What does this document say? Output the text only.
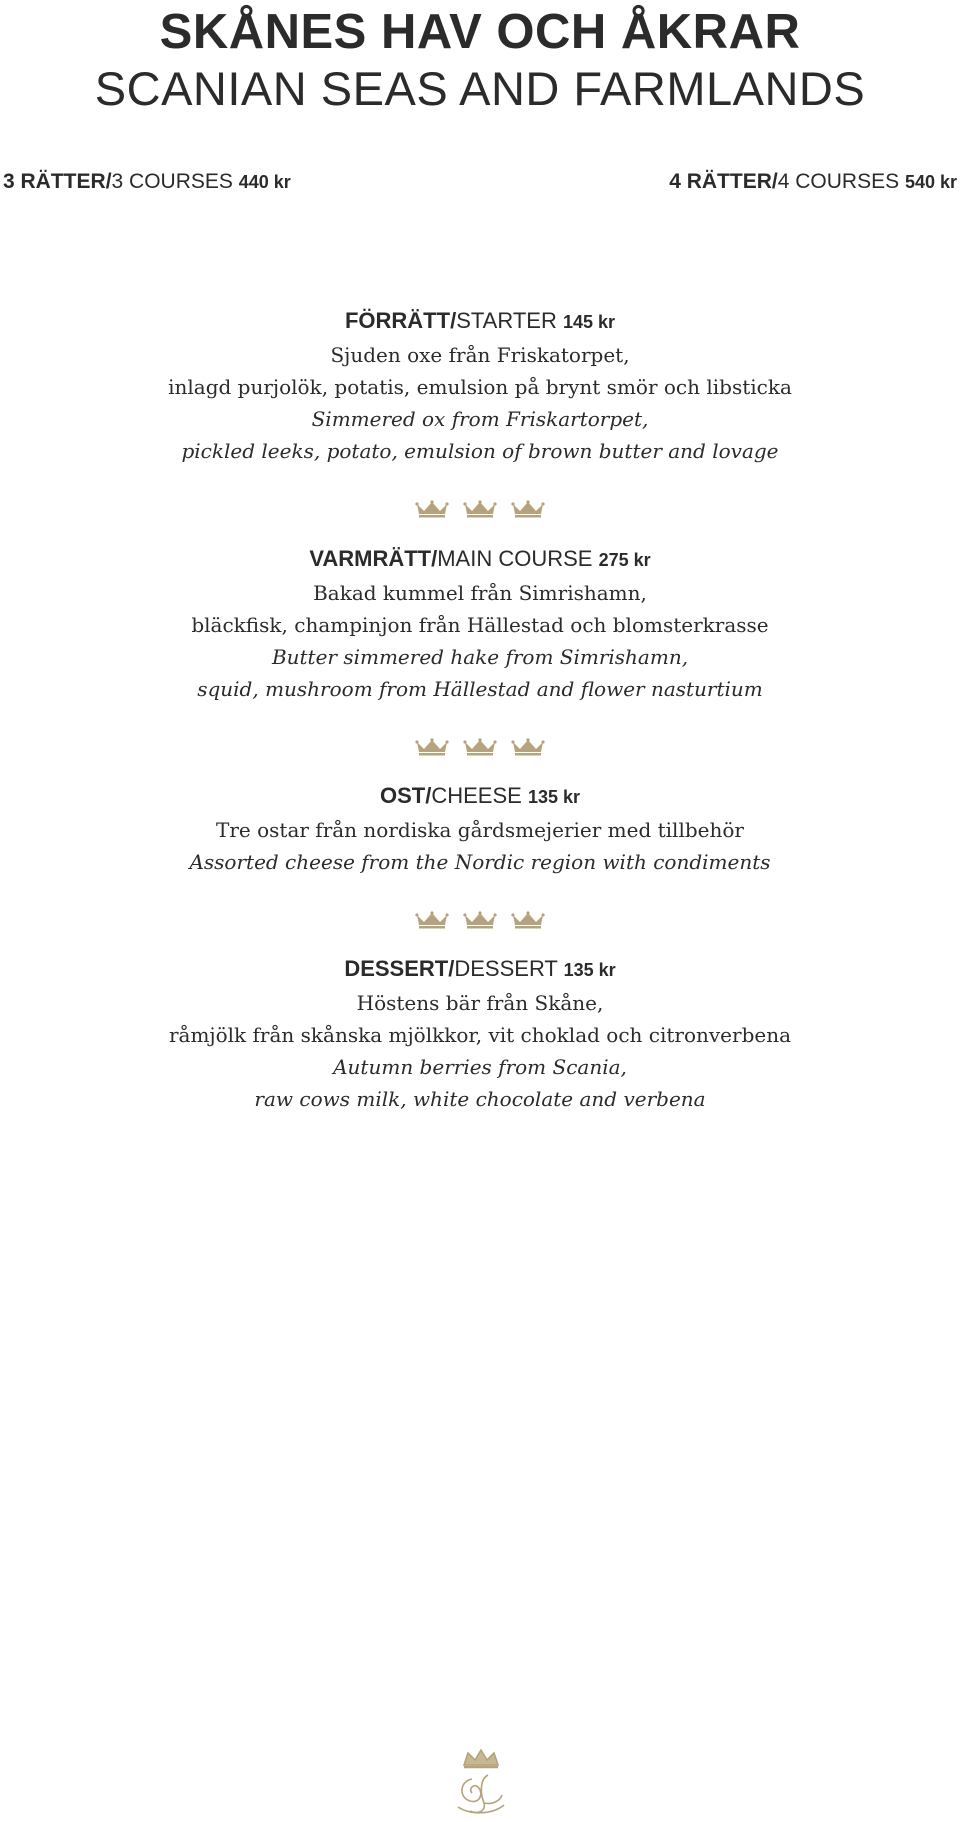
SKÅNES HAV OCH ÅKRAR
SCANIAN SEAS AND FARMLANDS
3 RÄTTER/3 COURSES 440 kr	4 RÄTTER/4 COURSES 540 kr
FÖRRÄTT/STARTER 145 kr
Sjuden oxe från Friskatorpet,
inlagd purjolök, potatis, emulsion på brynt smör och libsticka
Simmered ox from Friskartorpet,
pickled leeks, potato, emulsion of brown butter and lovage
VARMRÄTT/MAIN COURSE 275 kr
Bakad kummel från Simrishamn,
bläckfisk, champinjon från Hällestad och blomsterkrasse
Butter simmered hake from Simrishamn,
squid, mushroom from Hällestad and flower nasturtium
OST/CHEESE 135 kr
Tre ostar från nordiska gårdsmejerier med tillbehör
Assorted cheese from the Nordic region with condiments
DESSERT/DESSERT 135 kr
Höstens bär från Skåne,
råmjölk från skånska mjölkkor, vit choklad och citronverbena
Autumn berries from Scania,
raw cows milk, white chocolate and verbena
